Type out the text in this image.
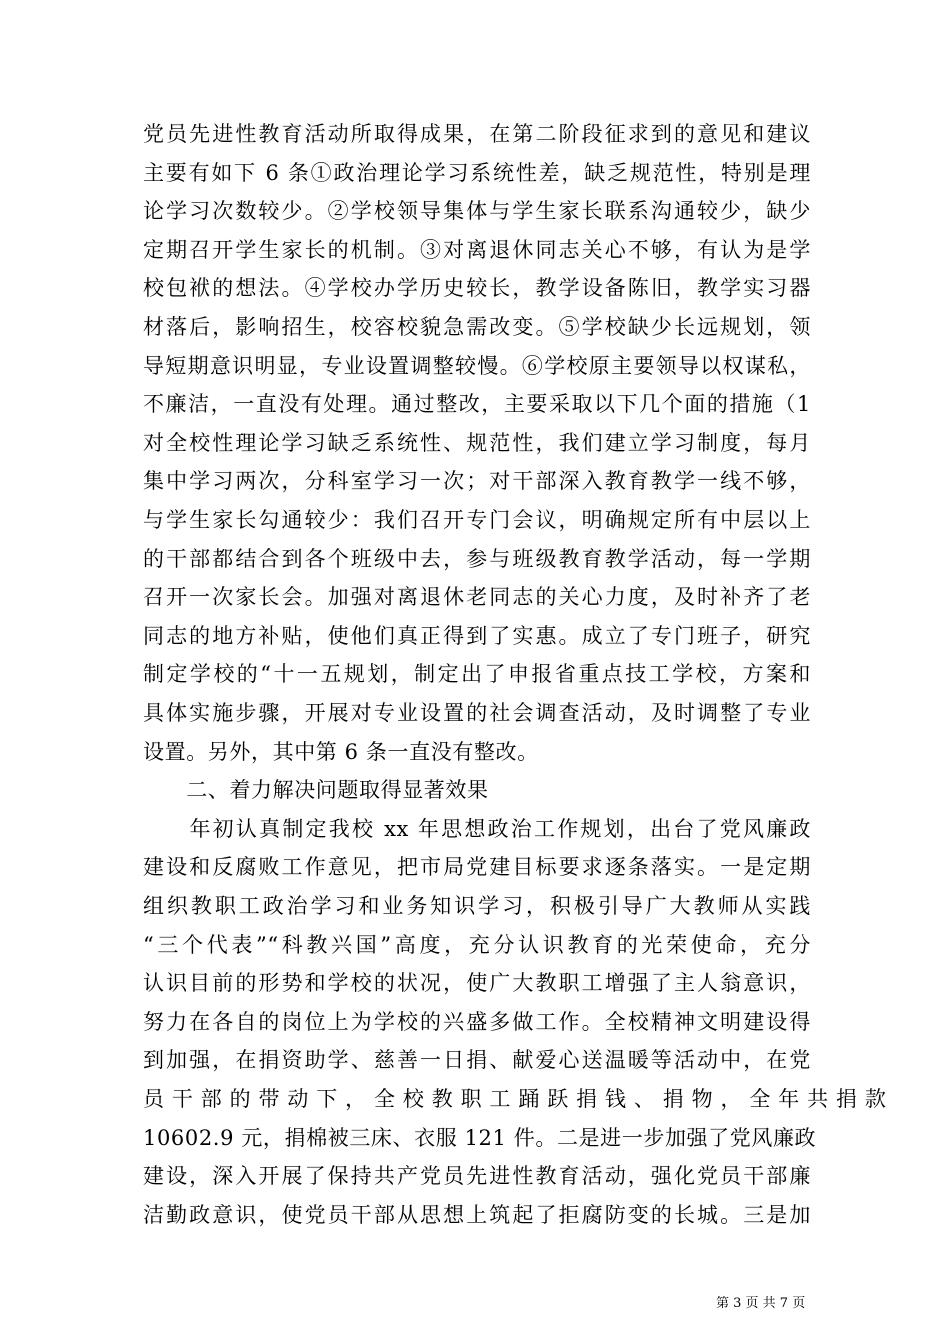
党员先进性教育活动所取得成果，在第二阶段征求到的意见和建议
主要有如下 6 条①政治理论学习系统性差，缺乏规范性，特别是理
论学习次数较少。②学校领导集体与学生家长联系沟通较少，缺少
定期召开学生家长的机制。③对离退休同志关心不够，有认为是学
校包袱的想法。④学校办学历史较长，教学设备陈旧，教学实习器
材落后，影响招生，校容校貌急需改变。⑤学校缺少长远规划，领
导短期意识明显，专业设置调整较慢。⑥学校原主要领导以权谋私，
不廉洁，一直没有处理。通过整改，主要采取以下几个面的措施（1
对全校性理论学习缺乏系统性、规范性，我们建立学习制度，每月
集中学习两次，分科室学习一次；对干部深入教育教学一线不够，
与学生家长勾通较少：我们召开专门会议，明确规定所有中层以上
的干部都结合到各个班级中去，参与班级教育教学活动，每一学期
召开一次家长会。加强对离退休老同志的关心力度，及时补齐了老
同志的地方补贴，使他们真正得到了实惠。成立了专门班子，研究
制定学校的“十一五规划，制定出了申报省重点技工学校，方案和
具体实施步骤，开展对专业设置的社会调查活动，及时调整了专业
设置。另外，其中第 6 条一直没有整改。
　　二、着力解决问题取得显著效果
　　年初认真制定我校 xx 年思想政治工作规划，出台了党风廉政
建设和反腐败工作意见，把市局党建目标要求逐条落实。一是定期
组织教职工政治学习和业务知识学习，积极引导广大教师从实践
“三个代表”“科教兴国”高度，充分认识教育的光荣使命，充分
认识目前的形势和学校的状况，使广大教职工增强了主人翁意识，
努力在各自的岗位上为学校的兴盛多做工作。全校精神文明建设得
到加强，在捐资助学、慈善一日捐、献爱心送温暖等活动中，在党
员 干 部 的 带 动 下 ， 全 校 教 职 工 踊 跃 捐 钱 、 捐 物 ， 全 年 共 捐 款
10602.9 元，捐棉被三床、衣服 121 件。二是进一步加强了党风廉政
建设，深入开展了保持共产党员先进性教育活动，强化党员干部廉
洁勤政意识，使党员干部从思想上筑起了拒腐防变的长城。三是加
第 3 页 共 7 页
